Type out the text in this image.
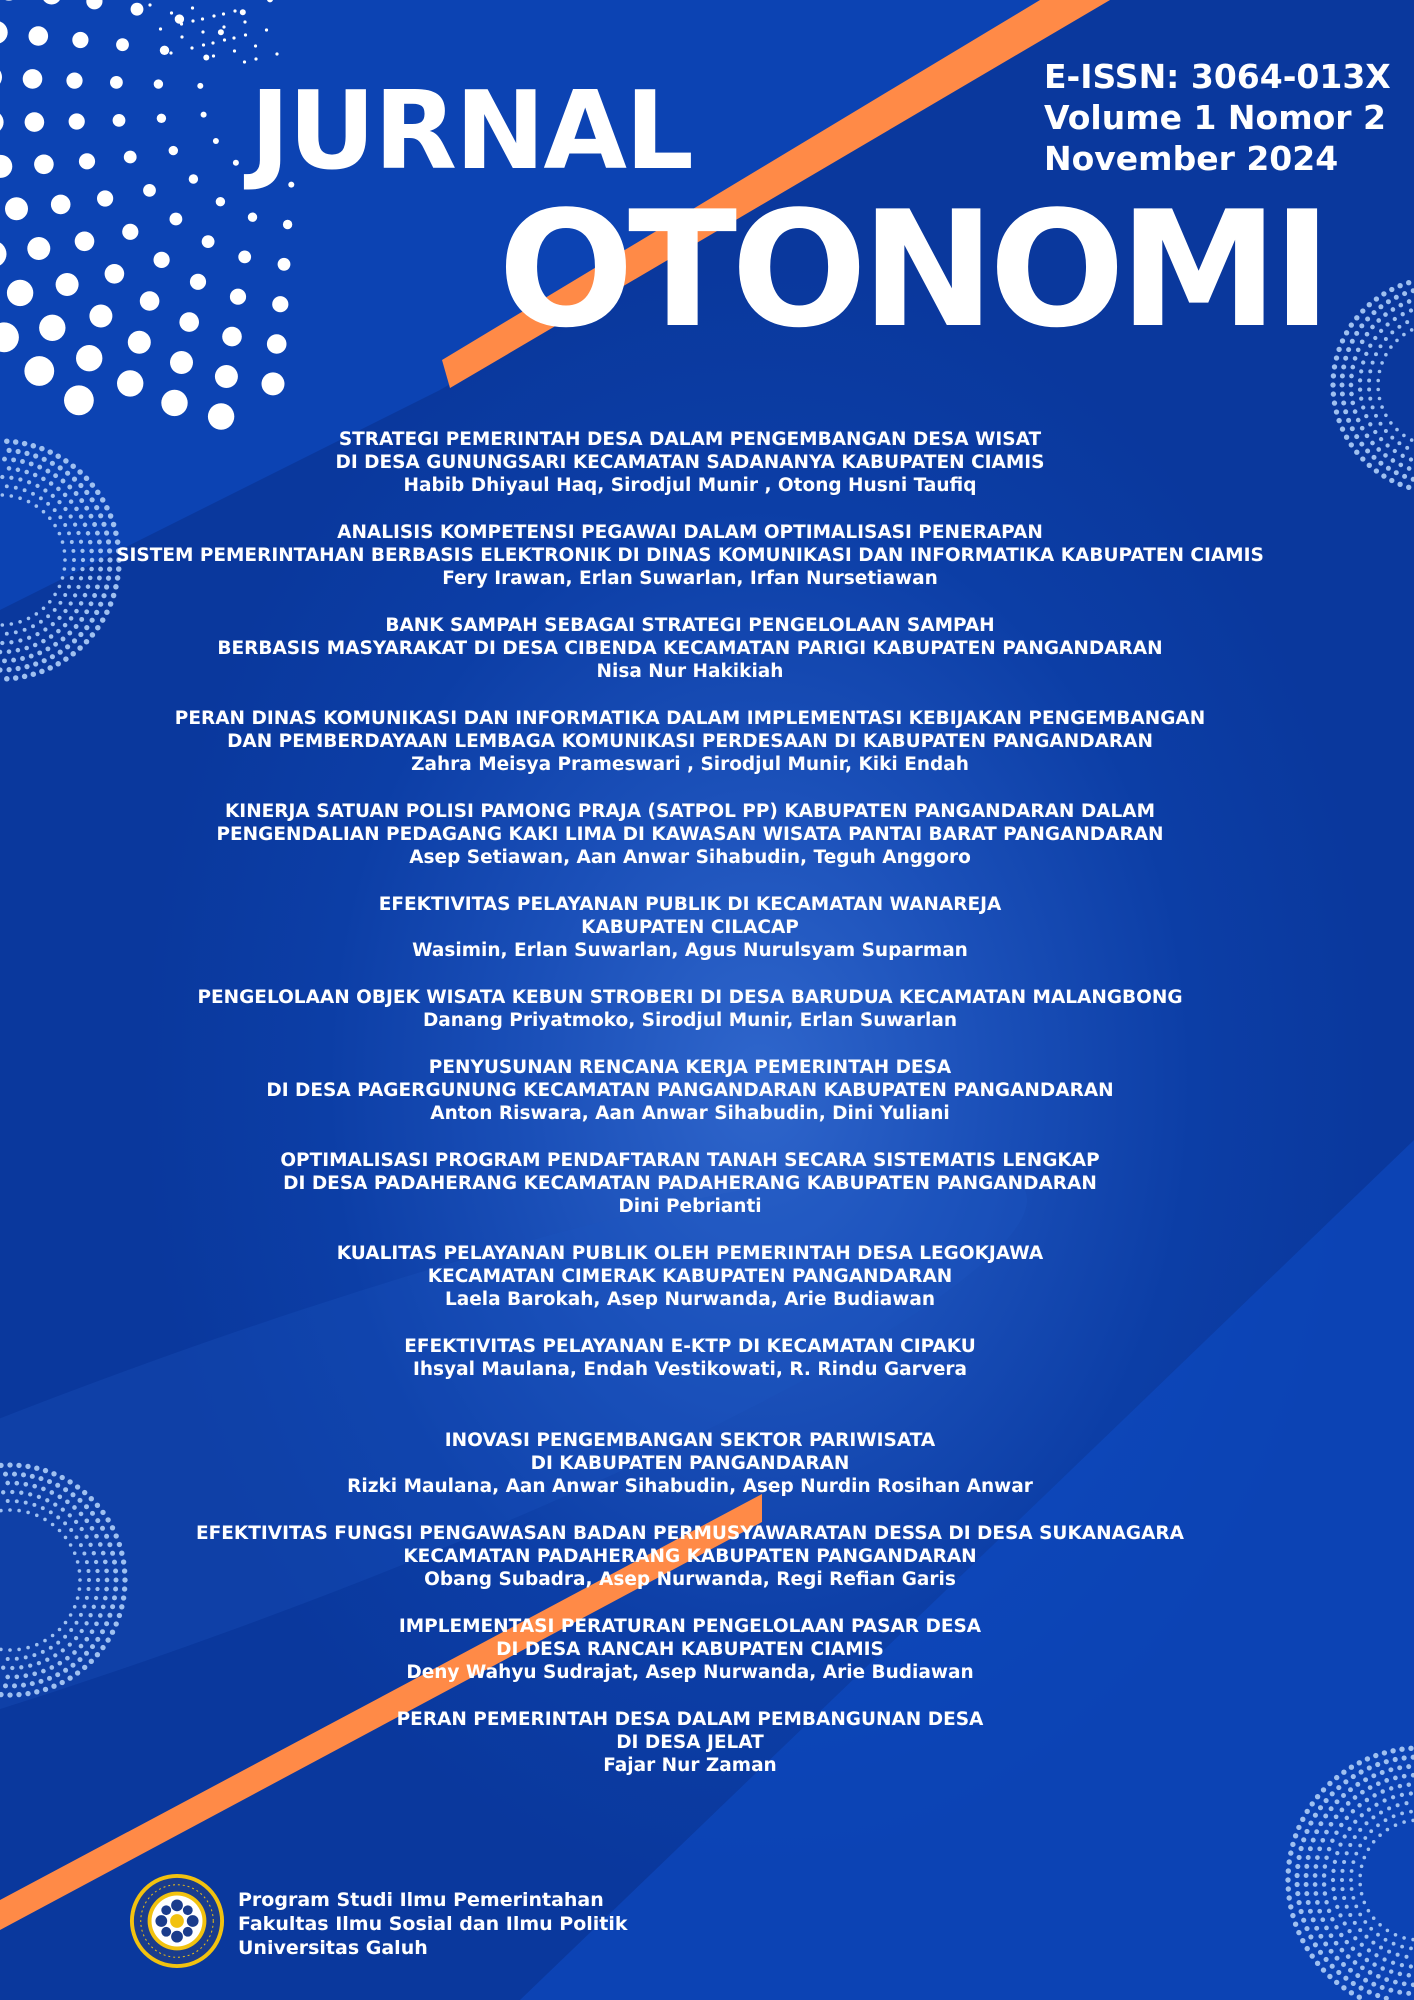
JURNAL
OTONOMI
E-ISSN: 3064-013X
Volume 1 Nomor 2
November 2024
STRATEGI PEMERINTAH DESA DALAM PENGEMBANGAN DESA WISAT
DI DESA GUNUNGSARI KECAMATAN SADANANYA KABUPATEN CIAMIS
Habib Dhiyaul Haq, Sirodjul Munir , Otong Husni Taufiq
ANALISIS KOMPETENSI PEGAWAI DALAM OPTIMALISASI PENERAPAN
SISTEM PEMERINTAHAN BERBASIS ELEKTRONIK DI DINAS KOMUNIKASI DAN INFORMATIKA KABUPATEN CIAMIS
Fery Irawan, Erlan Suwarlan, Irfan Nursetiawan
BANK SAMPAH SEBAGAI STRATEGI PENGELOLAAN SAMPAH
BERBASIS MASYARAKAT DI DESA CIBENDA KECAMATAN PARIGI KABUPATEN PANGANDARAN
Nisa Nur Hakikiah
PERAN DINAS KOMUNIKASI DAN INFORMATIKA DALAM IMPLEMENTASI KEBIJAKAN PENGEMBANGAN
DAN PEMBERDAYAAN LEMBAGA KOMUNIKASI PERDESAAN DI KABUPATEN PANGANDARAN
Zahra Meisya Prameswari , Sirodjul Munir, Kiki Endah
KINERJA SATUAN POLISI PAMONG PRAJA (SATPOL PP) KABUPATEN PANGANDARAN DALAM
PENGENDALIAN PEDAGANG KAKI LIMA DI KAWASAN WISATA PANTAI BARAT PANGANDARAN
Asep Setiawan, Aan Anwar Sihabudin, Teguh Anggoro
EFEKTIVITAS PELAYANAN PUBLIK DI KECAMATAN WANAREJA
KABUPATEN CILACAP
Wasimin, Erlan Suwarlan, Agus Nurulsyam Suparman
PENGELOLAAN OBJEK WISATA KEBUN STROBERI DI DESA BARUDUA KECAMATAN MALANGBONG
Danang Priyatmoko, Sirodjul Munir, Erlan Suwarlan
PENYUSUNAN RENCANA KERJA PEMERINTAH DESA
DI DESA PAGERGUNUNG KECAMATAN PANGANDARAN KABUPATEN PANGANDARAN
Anton Riswara, Aan Anwar Sihabudin, Dini Yuliani
OPTIMALISASI PROGRAM PENDAFTARAN TANAH SECARA SISTEMATIS LENGKAP
DI DESA PADAHERANG KECAMATAN PADAHERANG KABUPATEN PANGANDARAN
Dini Pebrianti
KUALITAS PELAYANAN PUBLIK OLEH PEMERINTAH DESA LEGOKJAWA
KECAMATAN CIMERAK KABUPATEN PANGANDARAN
Laela Barokah, Asep Nurwanda, Arie Budiawan
EFEKTIVITAS PELAYANAN E-KTP DI KECAMATAN CIPAKU
Ihsyal Maulana, Endah Vestikowati, R. Rindu Garvera
INOVASI PENGEMBANGAN SEKTOR PARIWISATA
DI KABUPATEN PANGANDARAN
Rizki Maulana, Aan Anwar Sihabudin, Asep Nurdin Rosihan Anwar
EFEKTIVITAS FUNGSI PENGAWASAN BADAN PERMUSYAWARATAN DESSA DI DESA SUKANAGARA
KECAMATAN PADAHERANG KABUPATEN PANGANDARAN
Obang Subadra, Asep Nurwanda, Regi Refian Garis
IMPLEMENTASI PERATURAN PENGELOLAAN PASAR DESA
DI DESA RANCAH KABUPATEN CIAMIS
Deny Wahyu Sudrajat, Asep Nurwanda, Arie Budiawan
PERAN PEMERINTAH DESA DALAM PEMBANGUNAN DESA
DI DESA JELAT
Fajar Nur Zaman
Program Studi Ilmu Pemerintahan
Fakultas Ilmu Sosial dan Ilmu Politik
Universitas Galuh
